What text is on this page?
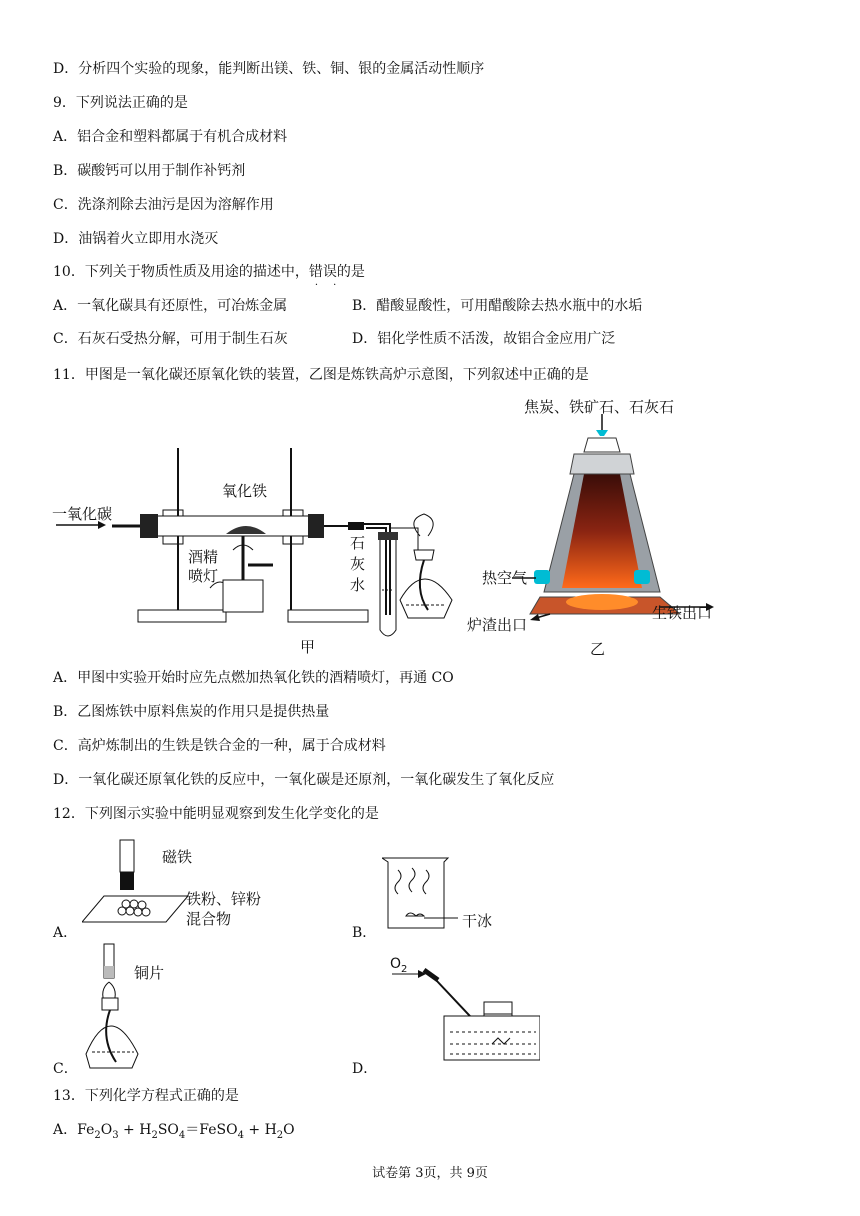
D．分析四个实验的现象，能判断出镁、铁、铜、银的金属活动性顺序
9．下列说法正确的是
A．铝合金和塑料都属于有机合成材料
B．碳酸钙可以用于制作补钙剂
C．洗涤剂除去油污是因为溶解作用
D．油锅着火立即用水浇灭
10．下列关于物质性质及用途的描述中，错误 · ·的是
A．一氧化碳具有还原性，可冶炼金属	B．醋酸显酸性，可用醋酸除去热水瓶中的水垢
C．石灰石受热分解，可用于制生石灰	D．铝化学性质不活泼，故铝合金应用广泛
11．甲图是一氧化碳还原氧化铁的装置，乙图是炼铁高炉示意图，下列叙述中正确的是
一氧化碳
氧化铁
酒精
喷灯
石
灰
水
甲
焦炭、铁矿石、石灰石
热空气
炉渣出口
生铁出口
乙
A．甲图中实验开始时应先点燃加热氧化铁的酒精喷灯，再通 CO
B．乙图炼铁中原料焦炭的作用只是提供热量
C．高炉炼制出的生铁是铁合金的一种，属于合成材料
D．一氧化碳还原氧化铁的反应中，一氧化碳是还原剂，一氧化碳发生了氧化反应
12．下列图示实验中能明显观察到发生化学变化的是
A．
磁铁
铁粉、锌粉
混合物
B．
干冰
C．
铜片
D．
$O_2$
13．下列化学方程式正确的是
A．$Fe_2O_3$ + $H_2SO_4=FeSO_4 + H_2O$
试卷第 3页，共 9页
